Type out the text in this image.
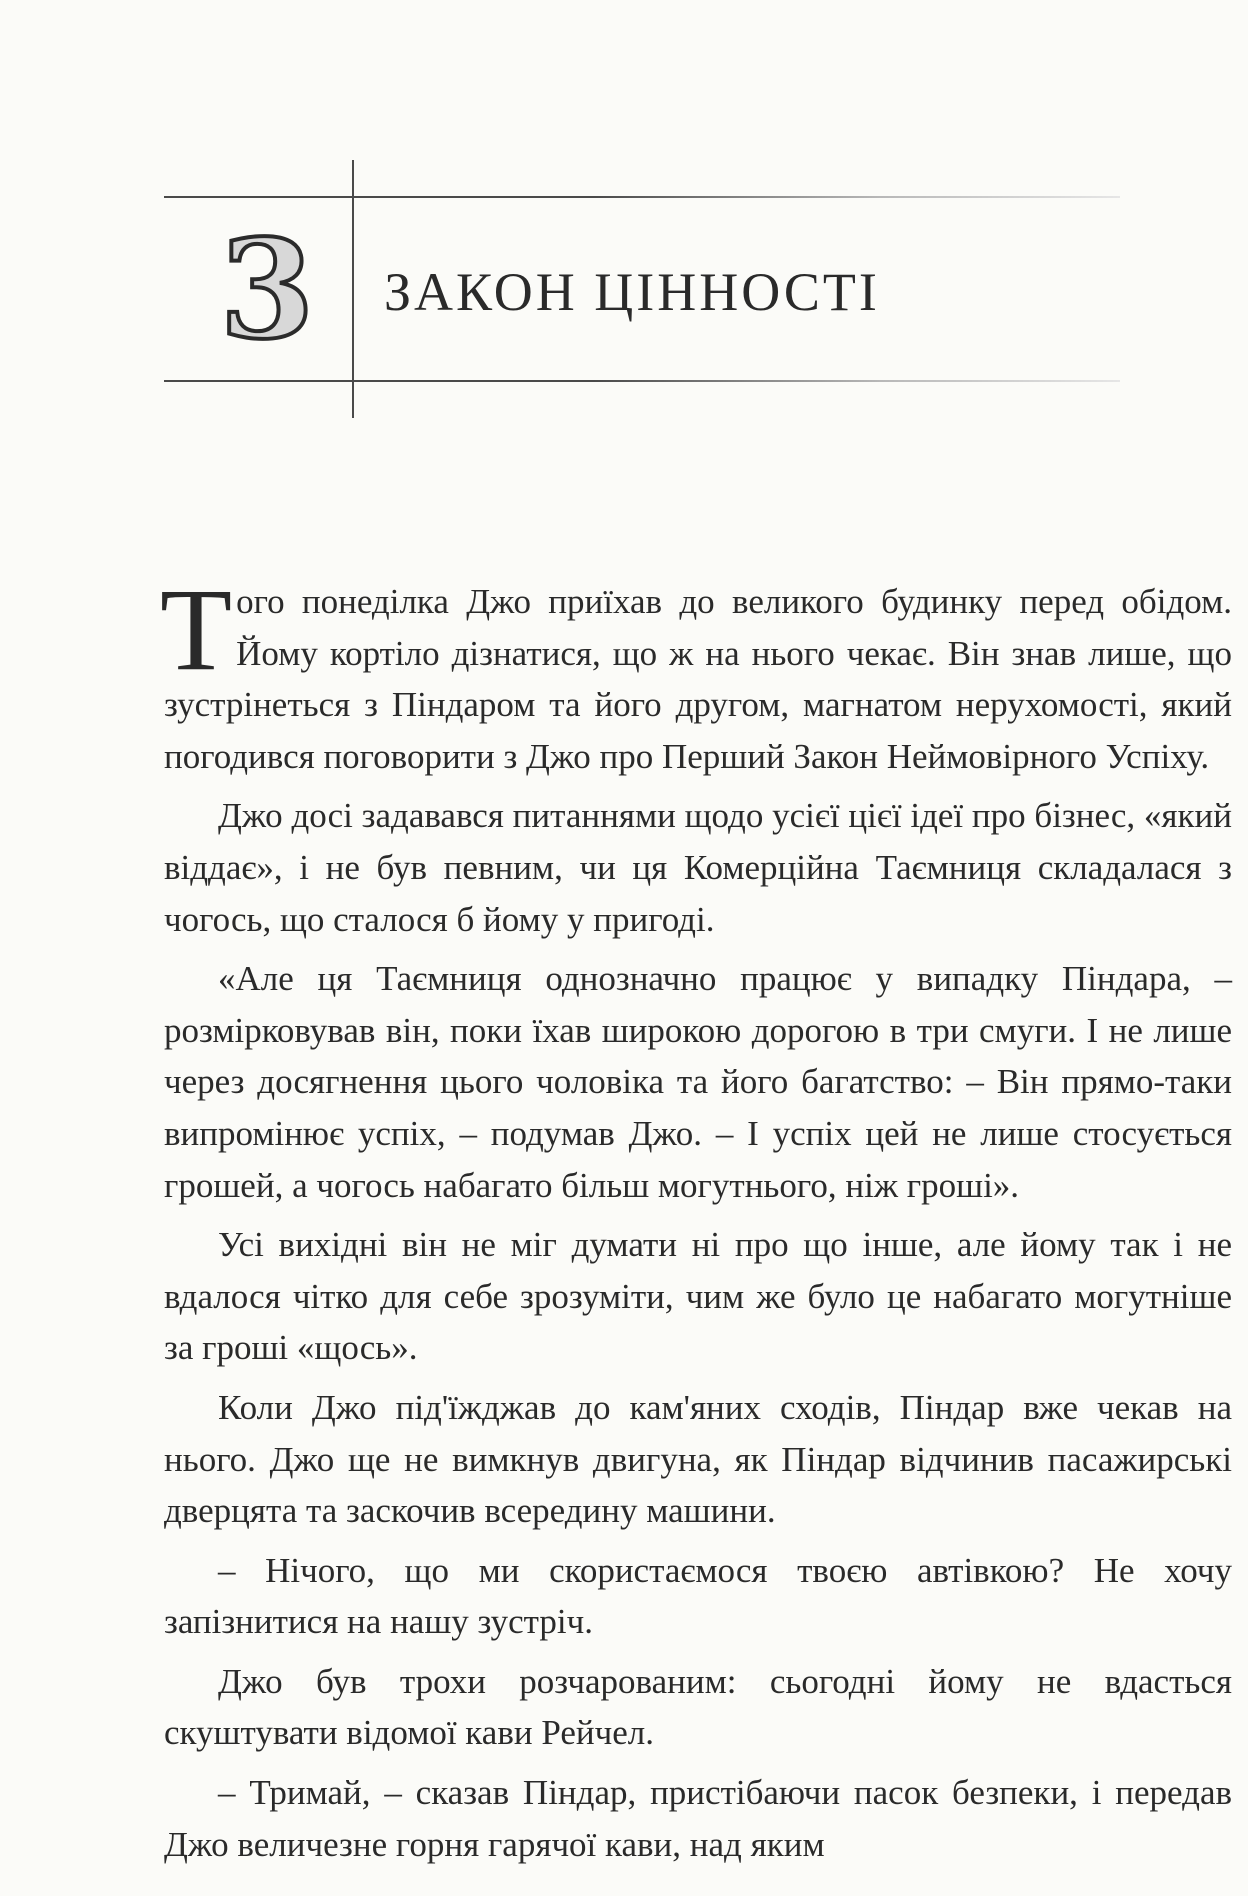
3 ЗАКОН ЦІННОСТІ

Того понеділка Джо приїхав до великого будинку перед обідом. Йому кортіло дізнатися, що ж на нього чекає. Він знав лише, що зустрінеться з Піндаром та його другом, магнатом нерухомості, який погодився поговорити з Джо про Перший Закон Неймовірного Успіху.

Джо досі задавався питаннями щодо усієї цієї ідеї про бізнес, «який віддає», і не був певним, чи ця Комерційна Таємниця складалася з чогось, що сталося б йому у пригоді.

«Але ця Таємниця однозначно працює у випадку Піндара, – розмірковував він, поки їхав широкою дорогою в три смуги. І не лише через досягнення цього чоловіка та його багатство: – Він прямо-таки випромінює успіх, – подумав Джо. – І успіх цей не лише стосується грошей, а чогось набагато більш могутнього, ніж гроші».

Усі вихідні він не міг думати ні про що інше, але йому так і не вдалося чітко для себе зрозуміти, чим же було це набагато могутніше за гроші «щось».

Коли Джо під'їжджав до кам'яних сходів, Піндар вже чекав на нього. Джо ще не вимкнув двигуна, як Піндар відчинив пасажирські дверцята та заскочив всередину машини.

– Нічого, що ми скористаємося твоєю автівкою? Не хочу запізнитися на нашу зустріч.

Джо був трохи розчарованим: сьогодні йому не вдасться скуштувати відомої кави Рейчел.

– Тримай, – сказав Піндар, пристібаючи пасок безпеки, і передав Джо величезне горня гарячої кави, над яким
